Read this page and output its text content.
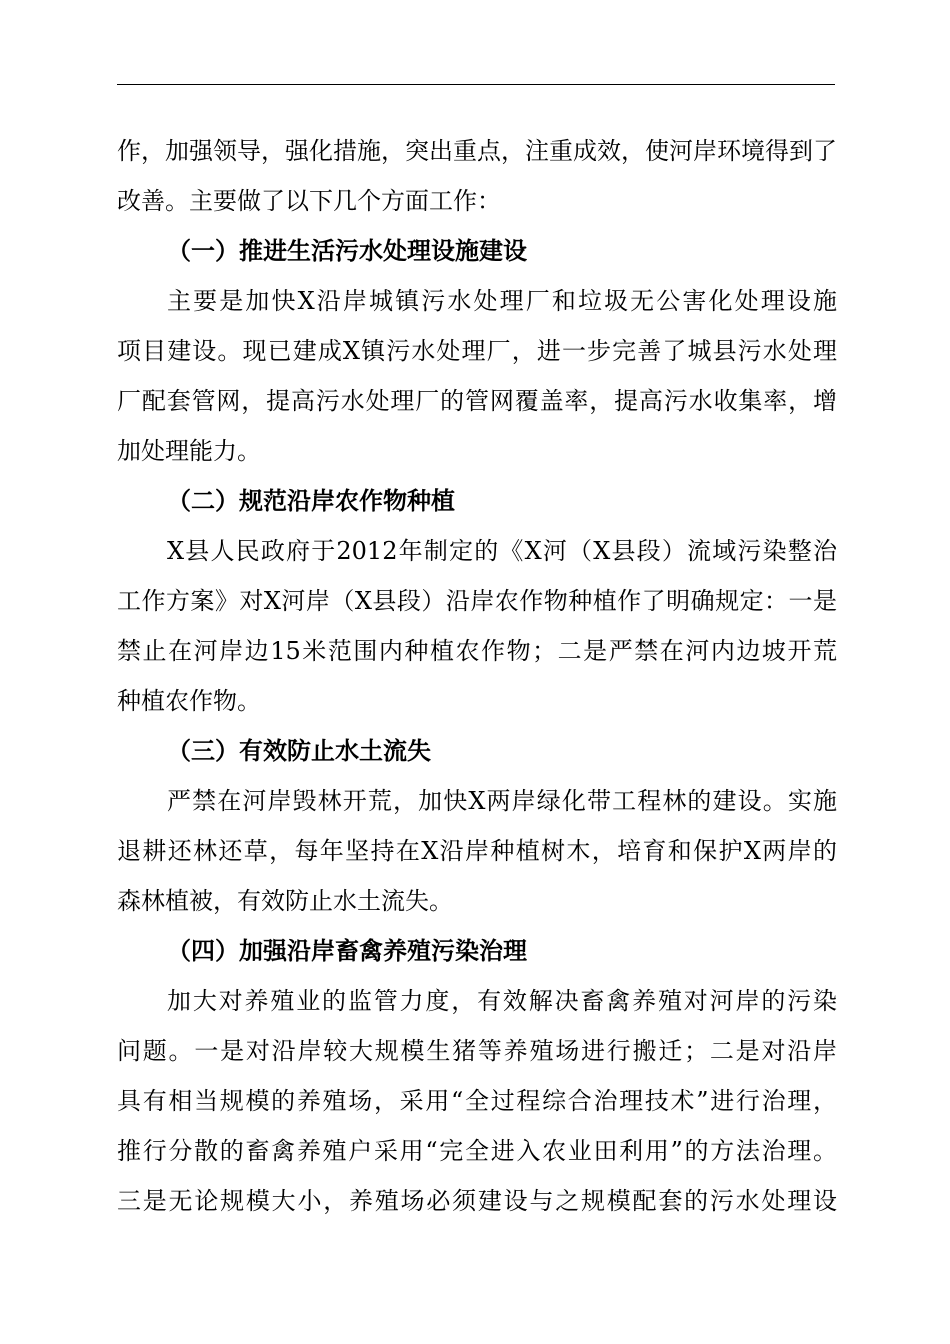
作，加强领导，强化措施，突出重点，注重成效，使河岸环境得到了
改善。主要做了以下几个方面工作：
（一）推进生活污水处理设施建设
主要是加快X沿岸城镇污水处理厂和垃圾无公害化处理设施
项目建设。现已建成X镇污水处理厂，进一步完善了城县污水处理
厂配套管网，提高污水处理厂的管网覆盖率，提高污水收集率，增
加处理能力。
（二）规范沿岸农作物种植
X县人民政府于2012年制定的《X河（X县段）流域污染整治
工作方案》对X河岸（X县段）沿岸农作物种植作了明确规定：一是
禁止在河岸边15米范围内种植农作物；二是严禁在河内边坡开荒
种植农作物。
（三）有效防止水土流失
严禁在河岸毁林开荒，加快X两岸绿化带工程林的建设。实施
退耕还林还草，每年坚持在X沿岸种植树木，培育和保护X两岸的
森林植被，有效防止水土流失。
（四）加强沿岸畜禽养殖污染治理
加大对养殖业的监管力度，有效解决畜禽养殖对河岸的污染
问题。一是对沿岸较大规模生猪等养殖场进行搬迁；二是对沿岸
具有相当规模的养殖场，采用“全过程综合治理技术”进行治理，
推行分散的畜禽养殖户采用“完全进入农业田利用”的方法治理。
三是无论规模大小，养殖场必须建设与之规模配套的污水处理设
